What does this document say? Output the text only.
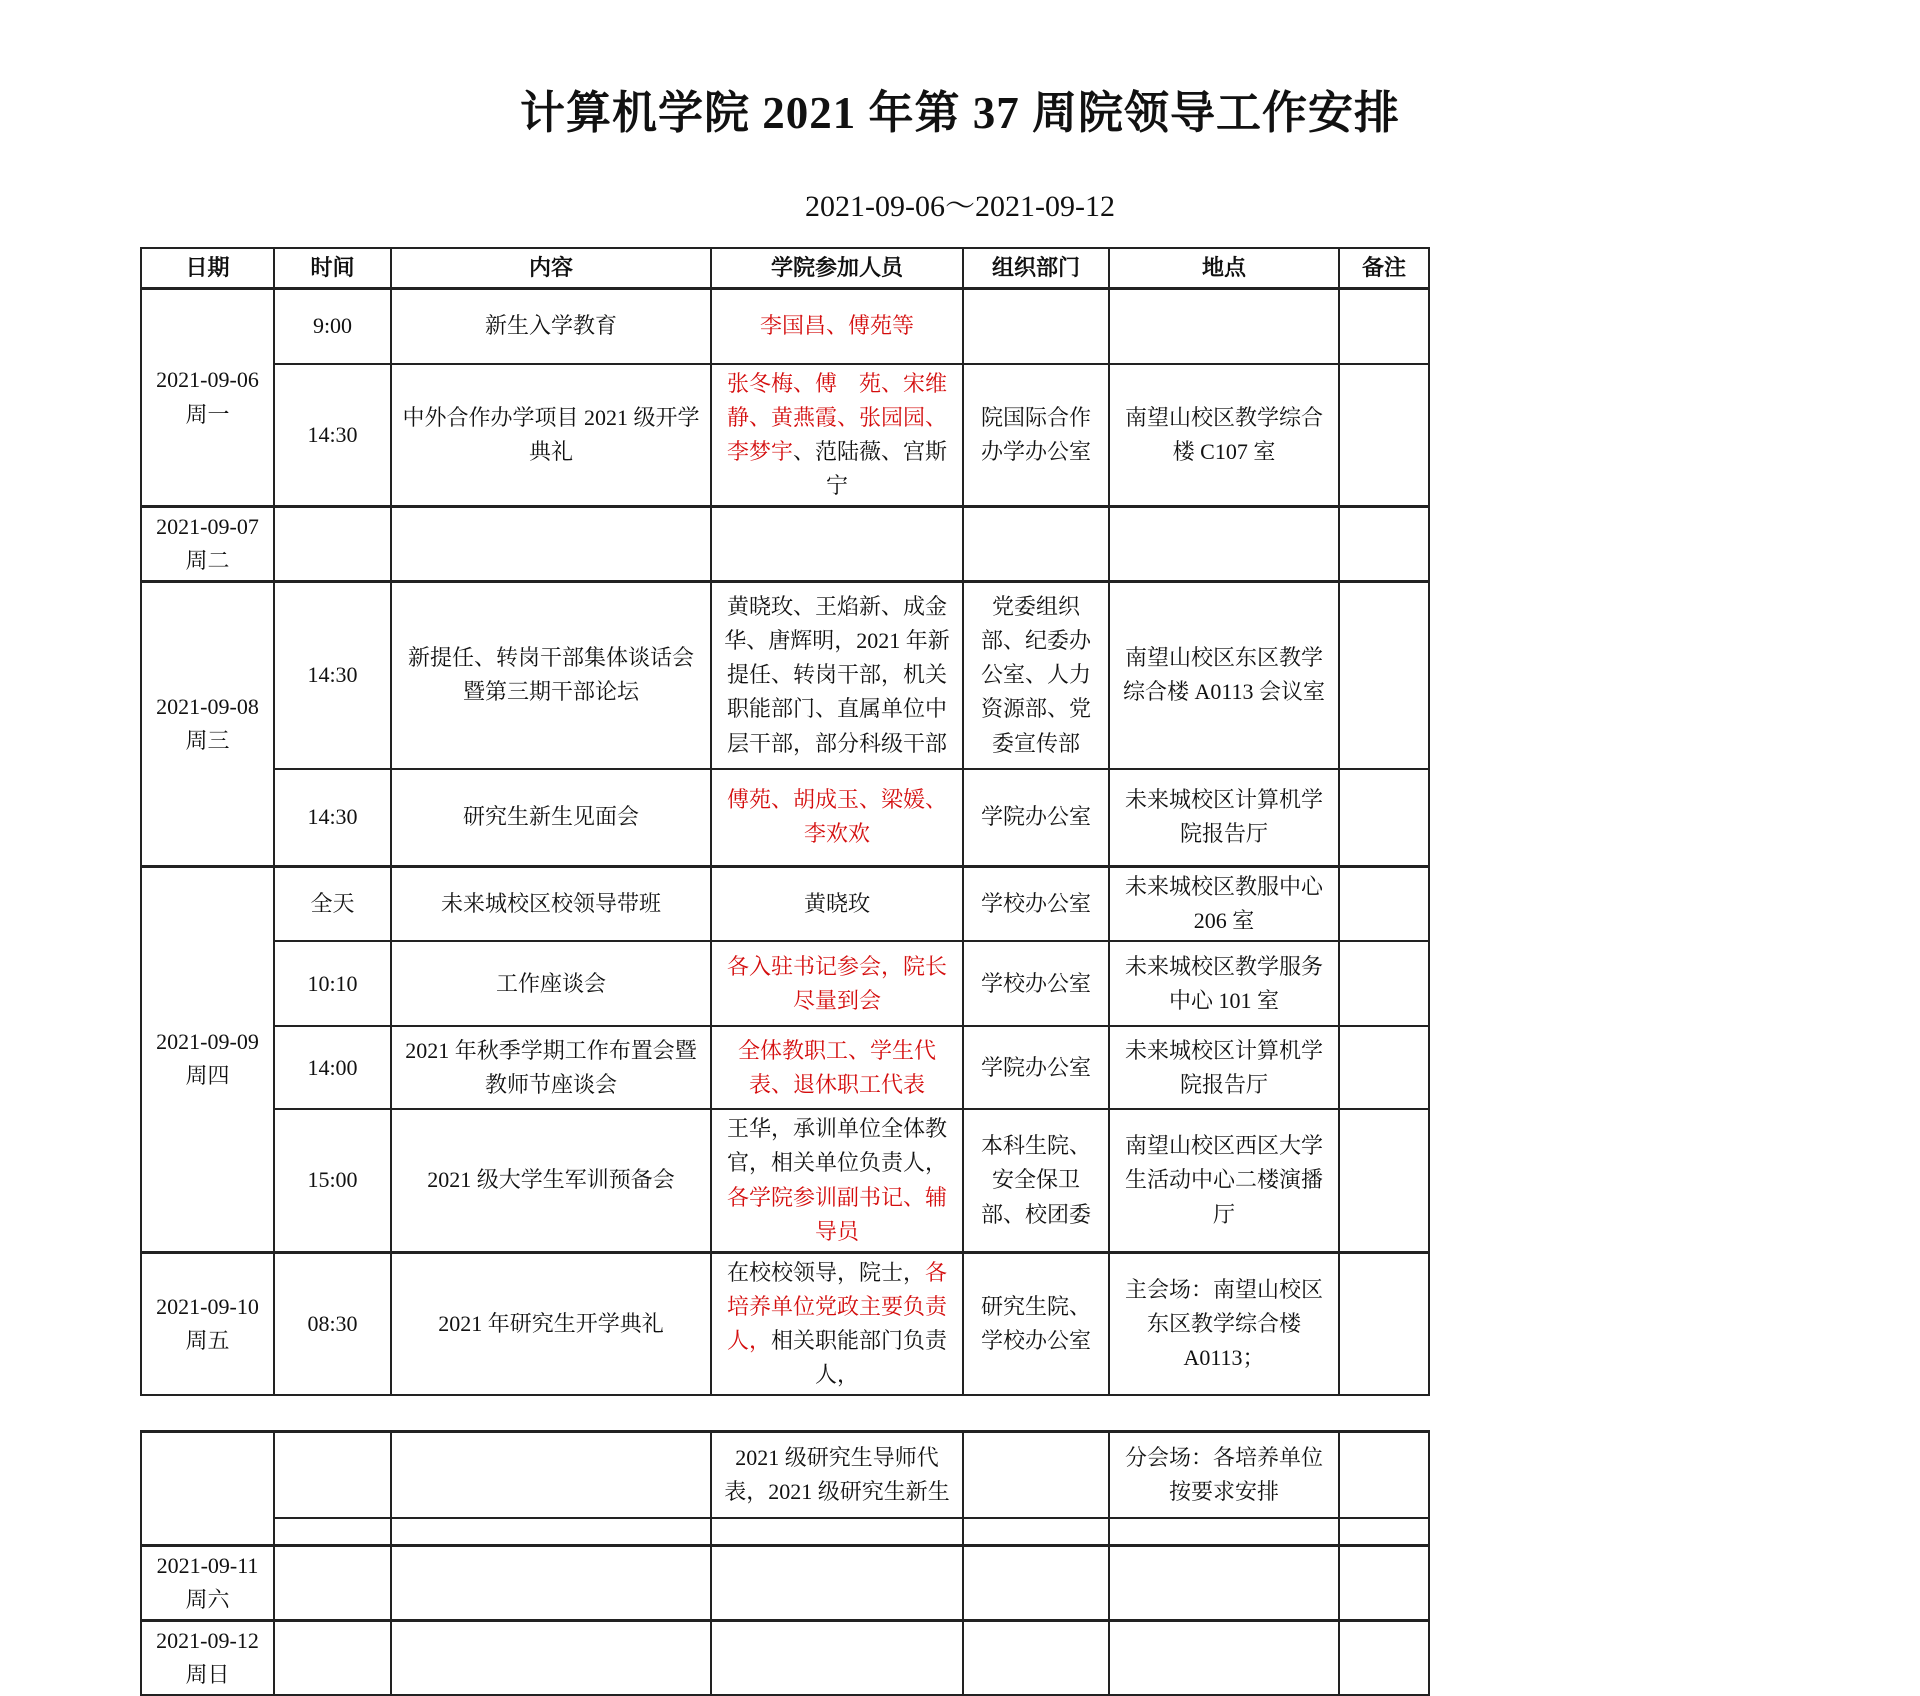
计算机学院 2021 年第 37 周院领导工作安排
2021-09-06～2021-09-12
日期	时间	内容	学院参加人员	组织部门	地点	备注

2021-09-06
周一	9:00	新生入学教育	李国昌、傅苑等			
	14:30	中外合作办学项目 2021 级开学典礼	张冬梅、傅　苑、宋维静、黄燕霞、张园园、李梦宇、范陆薇、宫斯宁	院国际合作办学办公室	南望山校区教学综合楼 C107 室	

2021-09-07
周二						

2021-09-08
周三	14:30	新提任、转岗干部集体谈话会暨第三期干部论坛	黄晓玫、王焰新、成金华、唐辉明，2021 年新提任、转岗干部，机关职能部门、直属单位中层干部，部分科级干部	党委组织部、纪委办公室、人力资源部、党委宣传部	南望山校区东区教学综合楼 A0113 会议室	
	14:30	研究生新生见面会	傅苑、胡成玉、梁媛、李欢欢	学院办公室	未来城校区计算机学院报告厅	

2021-09-09
周四	全天	未来城校区校领导带班	黄晓玫	学校办公室	未来城校区教服中心 206 室	
	10:10	工作座谈会	各入驻书记参会，院长尽量到会	学校办公室	未来城校区教学服务中心 101 室	
	14:00	2021 年秋季学期工作布置会暨教师节座谈会	全体教职工、学生代表、退休职工代表	学院办公室	未来城校区计算机学院报告厅	
	15:00	2021 级大学生军训预备会	王华，承训单位全体教官，相关单位负责人，各学院参训副书记、辅导员	本科生院、安全保卫部、校团委	南望山校区西区大学生活动中心二楼演播厅	

2021-09-10
周五	08:30	2021 年研究生开学典礼	在校校领导，院士，各培养单位党政主要负责人，相关职能部门负责人，	研究生院、学校办公室	主会场：南望山校区东区教学综合楼 A0113；	
			2021 级研究生导师代表，2021 级研究生新生		分会场：各培养单位按要求安排	

2021-09-11
周六						

2021-09-12
周日						
